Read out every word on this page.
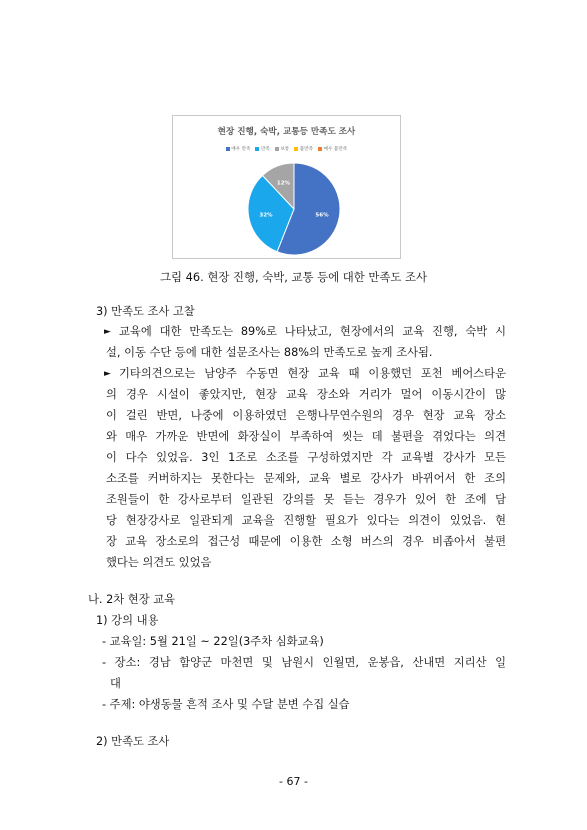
현장 진행, 숙박, 교통등 만족도 조사
매우 만족 만족 보통 불만족 매우 불만족
56%
32%
12%
그림 46. 현장 진행, 숙박, 교통 등에 대한 만족도 조사
3) 만족도 조사 고찰
► 교육에 대한 만족도는 89%로 나타났고, 현장에서의 교육 진행, 숙박 시
설, 이동 수단 등에 대한 설문조사는 88%의 만족도로 높게 조사됨.
► 기타의견으로는 남양주 수동면 현장 교육 때 이용했던 포천 베어스타운
의 경우 시설이 좋았지만, 현장 교육 장소와 거리가 멀어 이동시간이 많
이 걸린 반면, 나중에 이용하였던 은행나무연수원의 경우 현장 교육 장소
와 매우 가까운 반면에 화장실이 부족하여 씻는 데 불편을 겪었다는 의견
이 다수 있었음. 3인 1조로 소조를 구성하였지만 각 교육별 강사가 모든
소조를 커버하지는 못한다는 문제와, 교육 별로 강사가 바뀌어서 한 조의
조원들이 한 강사로부터 일관된 강의를 못 듣는 경우가 있어 한 조에 담
당 현장강사로 일관되게 교육을 진행할 필요가 있다는 의견이 있었음. 현
장 교육 장소로의 접근성 때문에 이용한 소형 버스의 경우 비좁아서 불편
했다는 의견도 있었음
나. 2차 현장 교육
1) 강의 내용
- 교육일: 5월 21일 ~ 22일(3주차 심화교육)
- 장소: 경남 함양군 마천면 및 남원시 인월면, 운봉읍, 산내면 지리산 일
대
- 주제: 야생동물 흔적 조사 및 수달 분변 수집 실습
2) 만족도 조사
- 67 -
